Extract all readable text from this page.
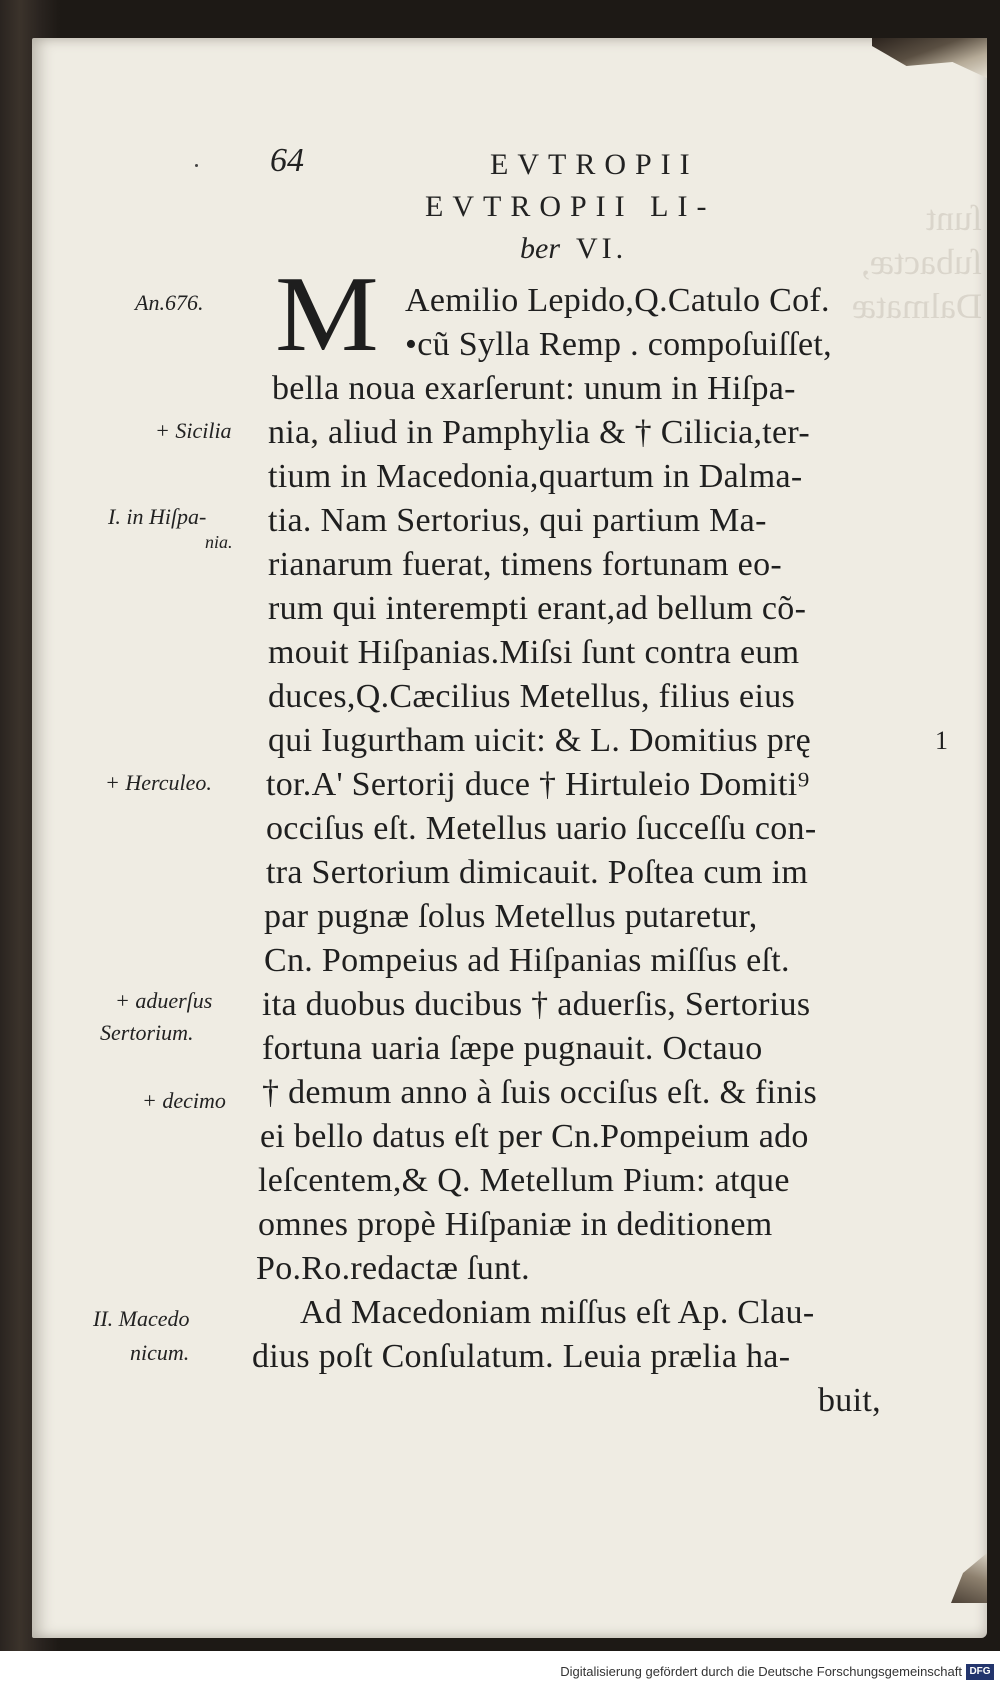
ſunt ſubactæ, Dalmatæ
64	EVTROPII
EVTROPII LI-
ber VI.
M Aemilio Lepido,Q.Catulo Cof.
•cũ Sylla Remp . compoſuiſſet,
bella noua exarſerunt: unum in Hiſpa-
nia, aliud in Pamphylia & † Cilicia,ter-
tium in Macedonia,quartum in Dalma-
tia. Nam Sertorius, qui partium Ma-
rianarum fuerat, timens fortunam eo-
rum qui interempti erant,ad bellum cõ-
mouit Hiſpanias.Miſsi ſunt contra eum
duces,Q.Cæcilius Metellus, filius eius
qui Iugurtham uicit: & L. Domitius prę
tor.A' Sertorij duce † Hirtuleio Domiti⁹
occiſus eſt. Metellus uario ſucceſſu con-
tra Sertorium dimicauit. Poſtea cum im
par pugnæ ſolus Metellus putaretur,
Cn. Pompeius ad Hiſpanias miſſus eſt.
ita duobus ducibus † aduerſis, Sertorius
fortuna uaria ſæpe pugnauit. Octauo
† demum anno à ſuis occiſus eſt. & finis
ei bello datus eſt per Cn.Pompeium ado
leſcentem,& Q. Metellum Pium: atque
omnes propè Hiſpaniæ in deditionem
Po.Ro.redactæ ſunt.
Ad Macedoniam miſſus eſt Ap. Clau-
dius poſt Conſulatum. Leuia prælia ha-
buit,
1
An.676.
+ Sicilia
I. in Hiſpa-
nia.
+ Herculeo.
+ aduerſus
Sertorium.
+ decimo
II. Macedo
nicum.
Digitalisierung gefördert durch die Deutsche Forschungsgemeinschaft DFG
